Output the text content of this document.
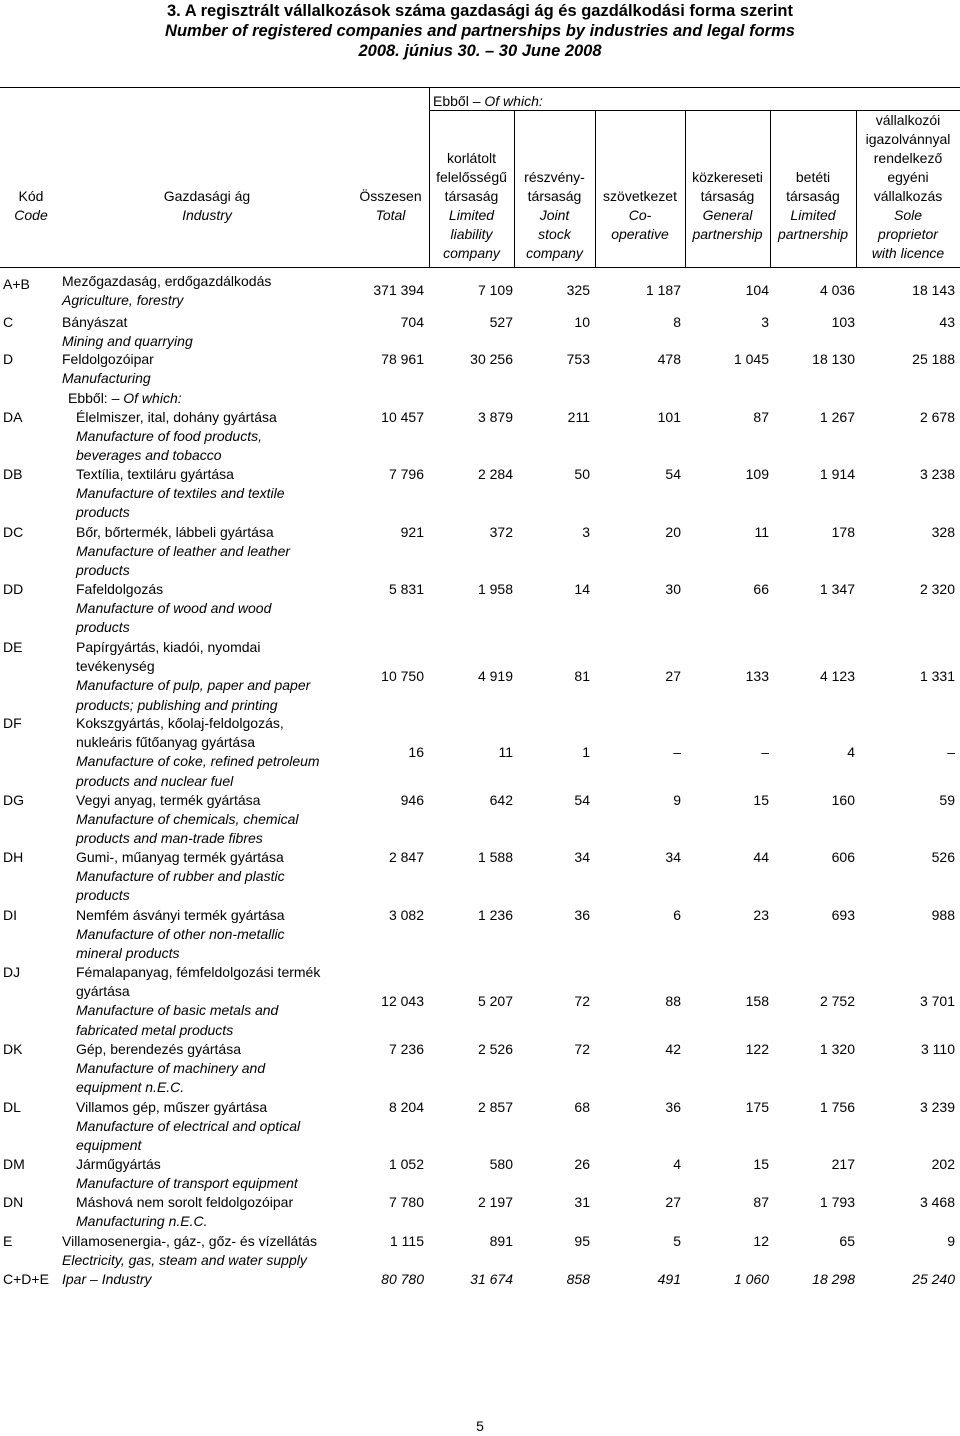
3. A regisztrált vállalkozások száma gazdasági ág és gazdálkodási forma szerint
Number of registered companies and partnerships by industries and legal forms
2008. június 30. – 30 June 2008
Kód
Code
Gazdasági ág
Industry
Összesen
Total
Ebből – Of which:
korlátolt
felelősségű
társaság
Limited
liability
company
részvény-
társaság
Joint
stock
company
szövetkezet
Co-
operative
közkereseti
társaság
General
partnership
betéti
társaság
Limited
partnership
vállalkozói
igazolvánnyal
rendelkező
egyéni
vállalkozás
Sole
proprietor
with licence
A+B Mezőgazdaság, erdőgazdálkodás
Agriculture, forestry
371 394	7 109	325	1 187	104	4 036	18 143
C	Bányászat
Mining and quarrying
704	527	10	8	3	103	43
D	Feldolgozóipar
Manufacturing
78 961	30 256	753	478	1 045	18 130	25 188
Ebből: – Of which:
DA	Élelmiszer, ital, dohány gyártása
Manufacture of food products,
beverages and tobacco
10 457	3 879	211	101	87	1 267	2 678
DB	Textília, textiláru gyártása
Manufacture of textiles and textile
products
7 796	2 284	50	54	109	1 914	3 238
DC	Bőr, bőrtermék, lábbeli gyártása
Manufacture of leather and leather
products
921	372	3	20	11	178	328
DD	Fafeldolgozás
Manufacture of wood and wood
products
5 831	1 958	14	30	66	1 347	2 320
DE	Papírgyártás, kiadói, nyomdai
tevékenység
Manufacture of pulp, paper and paper
products; publishing and printing
10 750	4 919	81	27	133	4 123	1 331
DF	Kokszgyártás, kőolaj-feldolgozás,
nukleáris fűtőanyag gyártása
Manufacture of coke, refined petroleum
products and nuclear fuel
16	11	1	–	–	4	–
DG	Vegyi anyag, termék gyártása
Manufacture of chemicals, chemical
products and man-trade fibres
946	642	54	9	15	160	59
DH	Gumi-, műanyag termék gyártása
Manufacture of rubber and plastic
products
2 847	1 588	34	34	44	606	526
DI	Nemfém ásványi termék gyártása
Manufacture of other non-metallic
mineral products
3 082	1 236	36	6	23	693	988
DJ	Fémalapanyag, fémfeldolgozási termék
gyártása
Manufacture of basic metals and
fabricated metal products
12 043	5 207	72	88	158	2 752	3 701
DK	Gép, berendezés gyártása
Manufacture of machinery and
equipment n.E.C.
7 236	2 526	72	42	122	1 320	3 110
DL	Villamos gép, műszer gyártása
Manufacture of electrical and optical
equipment
8 204	2 857	68	36	175	1 756	3 239
DM	Járműgyártás
Manufacture of transport equipment
1 052	580	26	4	15	217	202
DN	Máshová nem sorolt feldolgozóipar
Manufacturing n.E.C.
7 780	2 197	31	27	87	1 793	3 468
E	Villamosenergia-, gáz-, gőz- és vízellátás
Electricity, gas, steam and water supply
1 115	891	95	5	12	65	9
C+D+E Ipar – Industry	80 780	31 674	858	491	1 060	18 298	25 240
5
